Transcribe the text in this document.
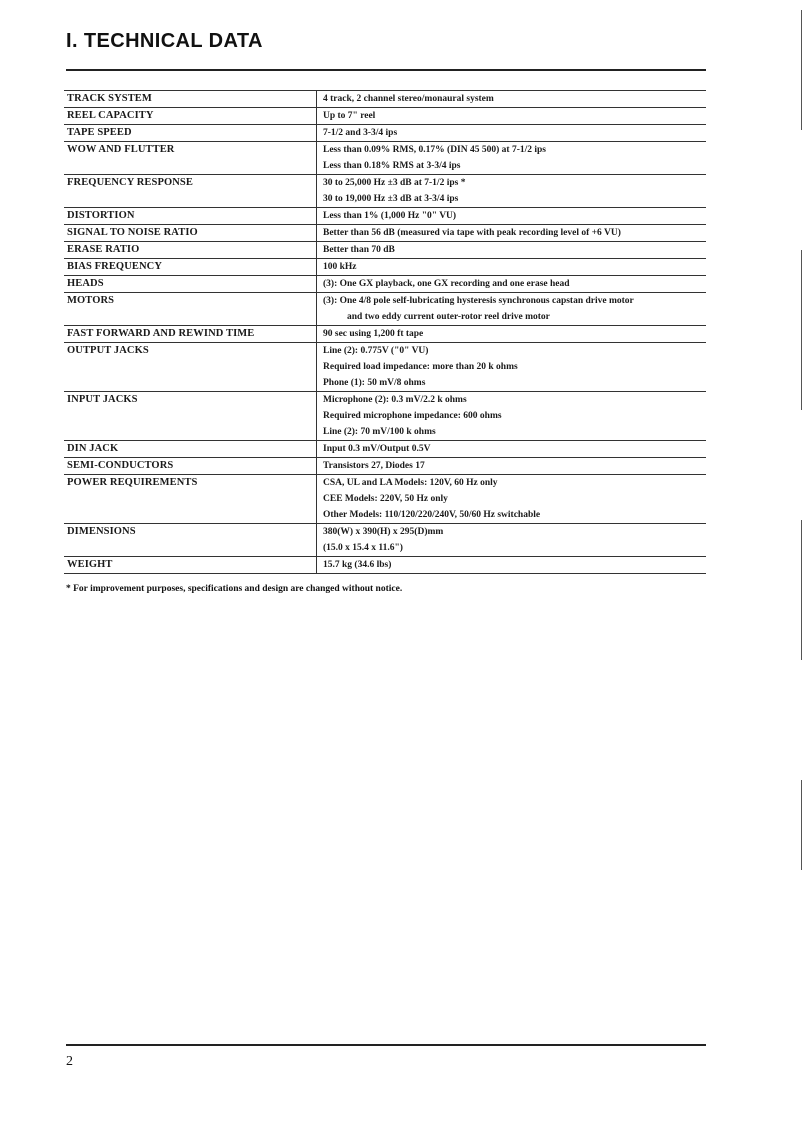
I. TECHNICAL DATA
TRACK SYSTEM	4 track, 2 channel stereo/monaural system
REEL CAPACITY	Up to 7" reel
TAPE SPEED	7-1/2 and 3-3/4 ips
WOW AND FLUTTER	Less than 0.09% RMS, 0.17% (DIN 45 500) at 7-1/2 ips
Less than 0.18% RMS at 3-3/4 ips
FREQUENCY RESPONSE	30 to 25,000 Hz ±3 dB at 7-1/2 ips *
30 to 19,000 Hz ±3 dB at 3-3/4 ips
DISTORTION	Less than 1% (1,000 Hz "0" VU)
SIGNAL TO NOISE RATIO	Better than 56 dB (measured via tape with peak recording level of +6 VU)
ERASE RATIO	Better than 70 dB
BIAS FREQUENCY	100 kHz
HEADS	(3): One GX playback, one GX recording and one erase head
MOTORS	(3): One 4/8 pole self-lubricating hysteresis synchronous capstan drive motor
and two eddy current outer-rotor reel drive motor
FAST FORWARD AND REWIND TIME	90 sec using 1,200 ft tape
OUTPUT JACKS	Line (2): 0.775V ("0" VU)
Required load impedance: more than 20 k ohms
Phone (1): 50 mV/8 ohms
INPUT JACKS	Microphone (2): 0.3 mV/2.2 k ohms
Required microphone impedance: 600 ohms
Line (2): 70 mV/100 k ohms
DIN JACK	Input 0.3 mV/Output 0.5V
SEMI-CONDUCTORS	Transistors 27, Diodes 17
POWER REQUIREMENTS	CSA, UL and LA Models: 120V, 60 Hz only
CEE Models: 220V, 50 Hz only
Other Models: 110/120/220/240V, 50/60 Hz switchable
DIMENSIONS	380(W) x 390(H) x 295(D)mm
(15.0 x 15.4 x 11.6")
WEIGHT	15.7 kg (34.6 lbs)
* For improvement purposes, specifications and design are changed without notice.
2
